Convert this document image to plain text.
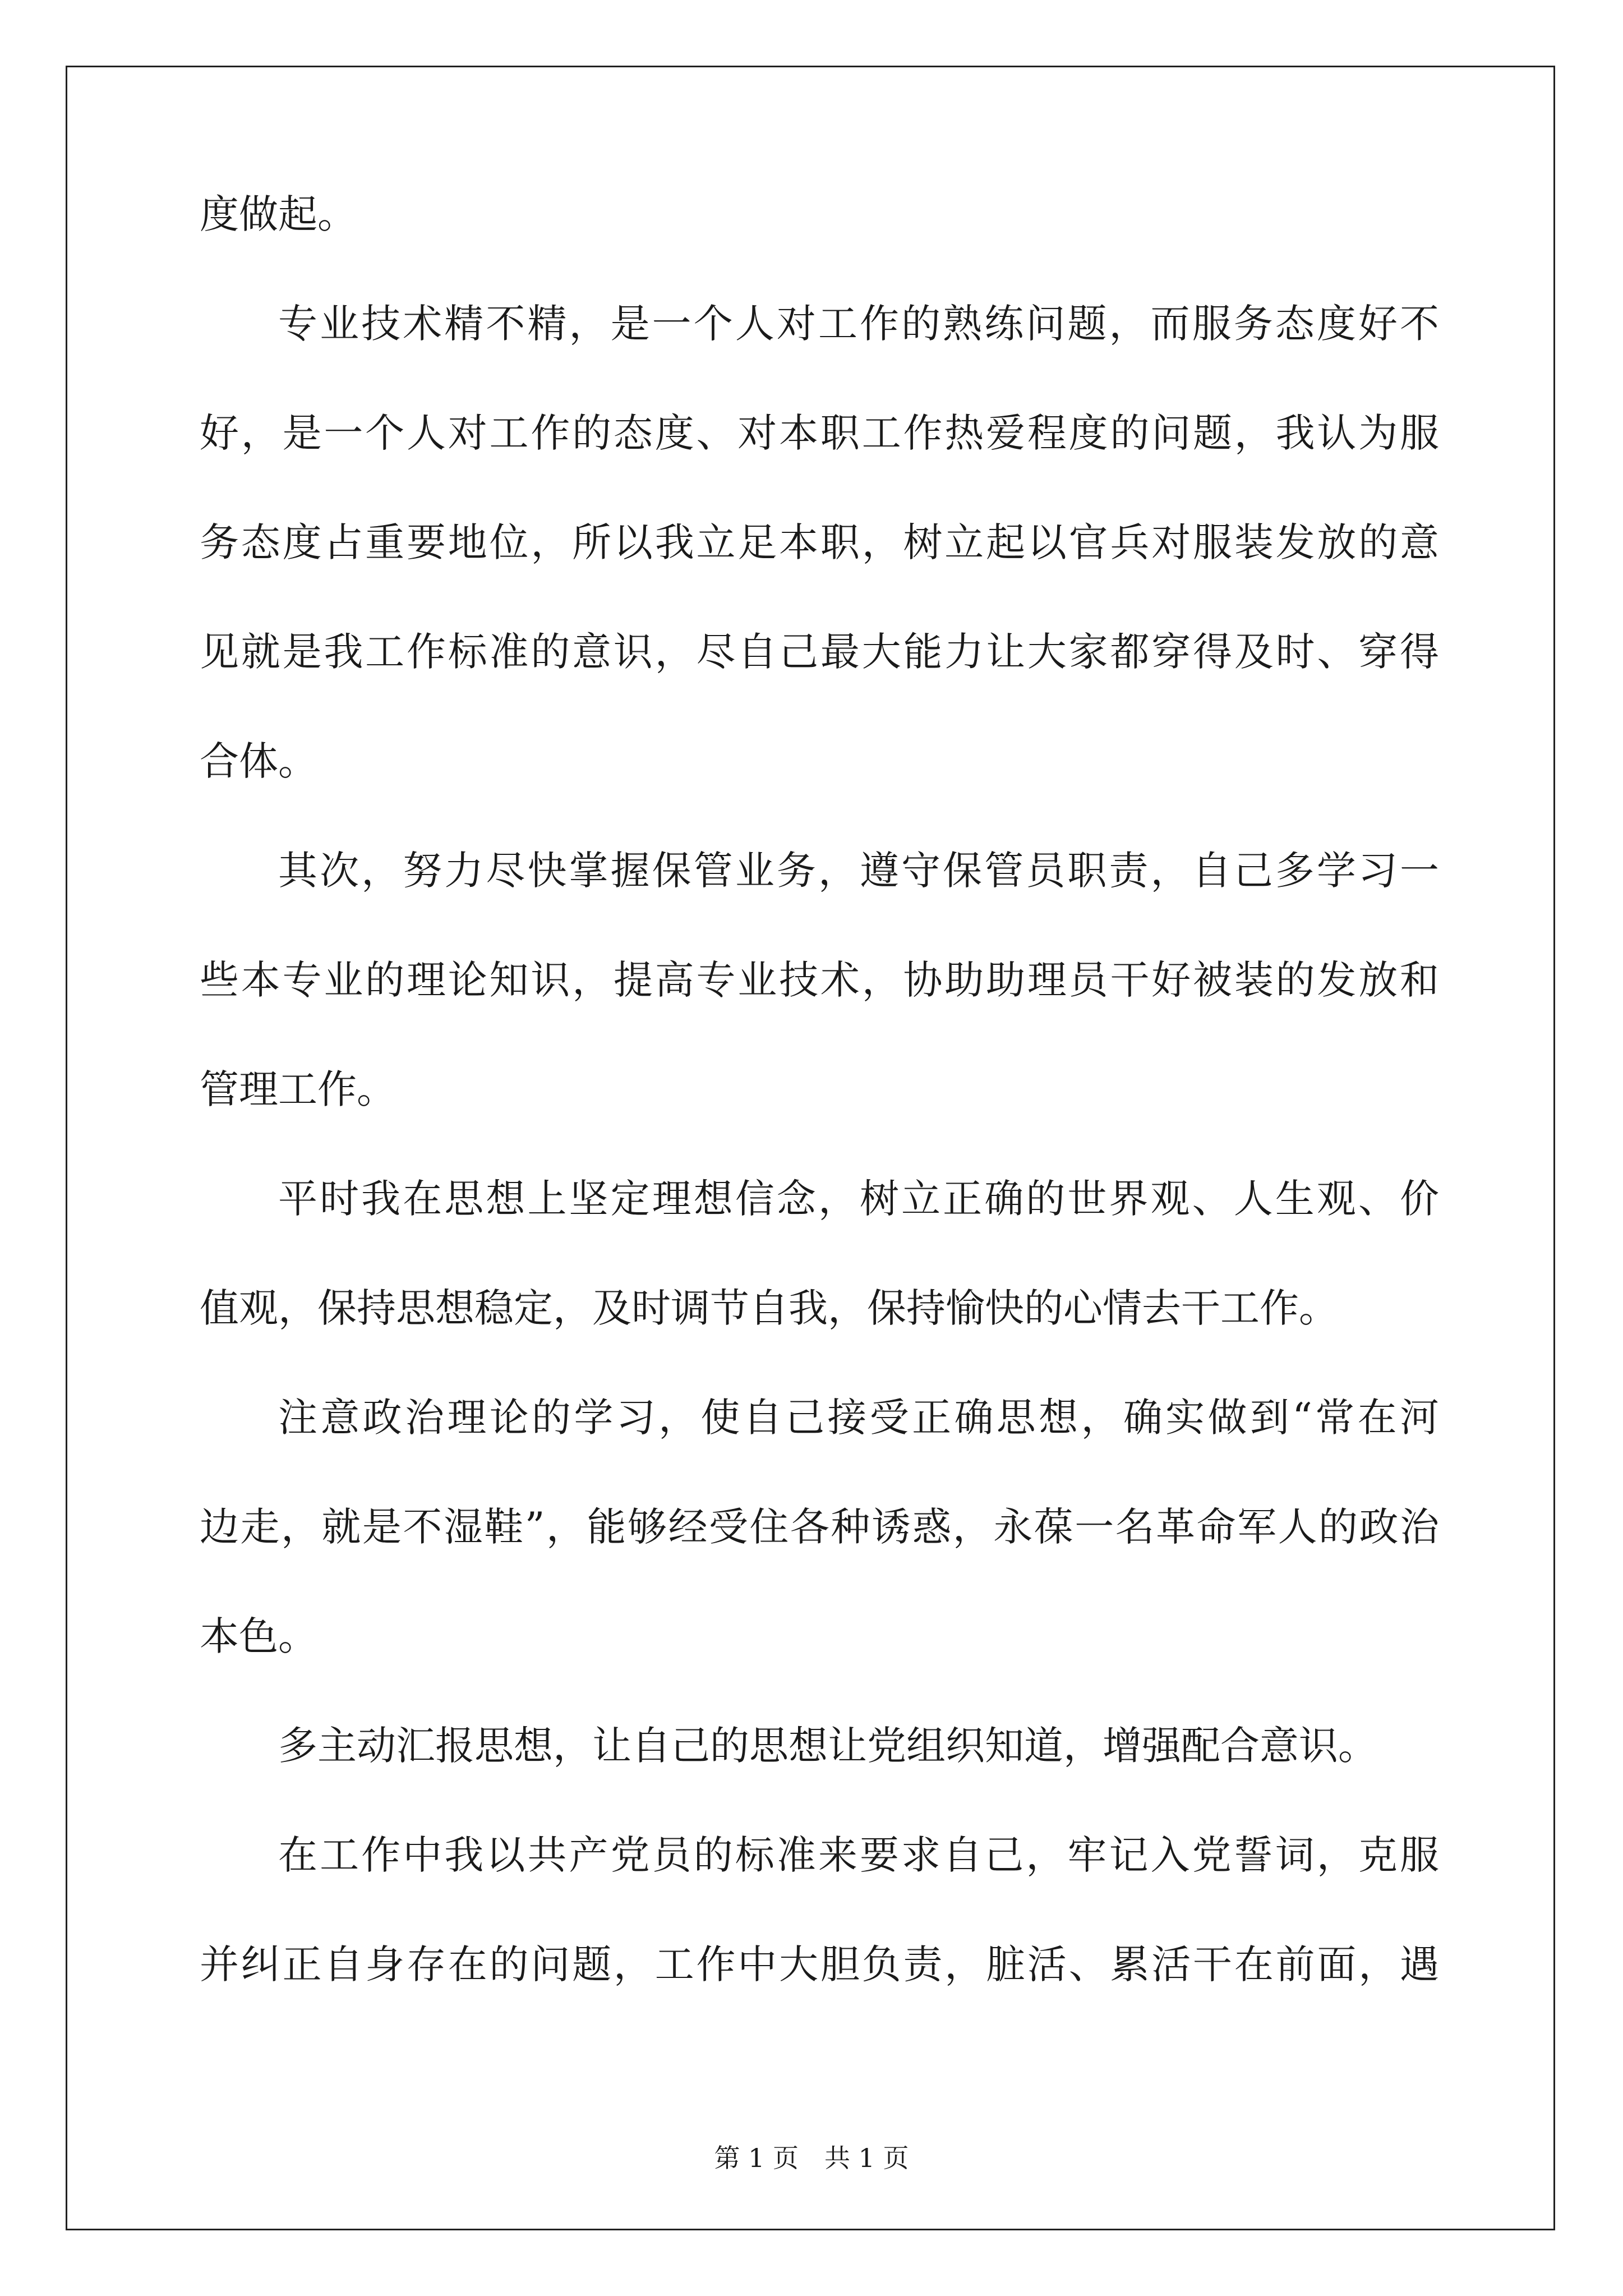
度做起。
专业技术精不精，是一个人对工作的熟练问题，而服务态度好不
好，是一个人对工作的态度、对本职工作热爱程度的问题，我认为服
务态度占重要地位，所以我立足本职，树立起以官兵对服装发放的意
见就是我工作标准的意识，尽自己最大能力让大家都穿得及时、穿得
合体。
其次，努力尽快掌握保管业务，遵守保管员职责，自己多学习一
些本专业的理论知识，提高专业技术，协助助理员干好被装的发放和
管理工作。
平时我在思想上坚定理想信念，树立正确的世界观、人生观、价
值观，保持思想稳定，及时调节自我，保持愉快的心情去干工作。
注意政治理论的学习，使自己接受正确思想，确实做到“常在河
边走，就是不湿鞋”，能够经受住各种诱惑，永葆一名革命军人的政治
本色。
多主动汇报思想，让自己的思想让党组织知道，增强配合意识。
在工作中我以共产党员的标准来要求自己，牢记入党誓词，克服
并纠正自身存在的问题，工作中大胆负责，脏活、累活干在前面，遇
第 1 页　共 1 页
